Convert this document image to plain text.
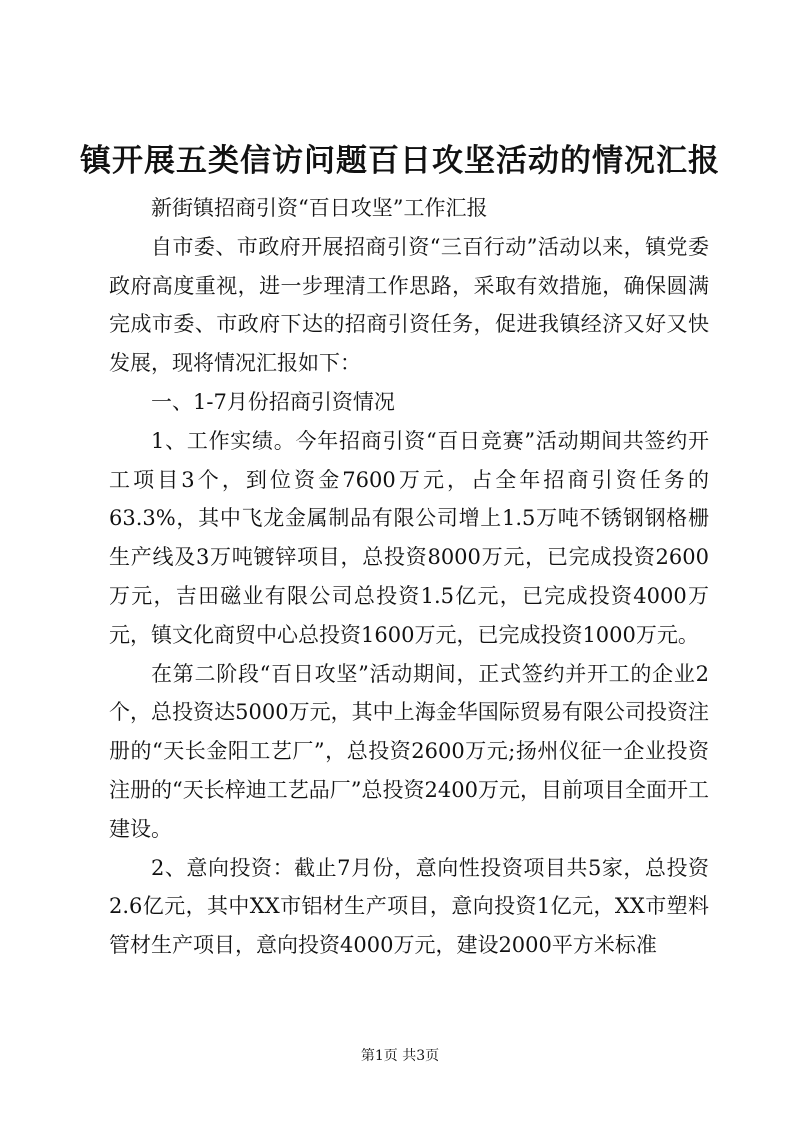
镇开展五类信访问题百日攻坚活动的情况汇报

新街镇招商引资“百日攻坚”工作汇报

自市委、市政府开展招商引资“三百行动”活动以来，镇党委政府高度重视，进一步理清工作思路，采取有效措施，确保圆满完成市委、市政府下达的招商引资任务，促进我镇经济又好又快发展，现将情况汇报如下：

一、1-7月份招商引资情况

1、工作实绩。今年招商引资“百日竞赛”活动期间共签约开工项目3个，到位资金7600万元，占全年招商引资任务的63.3%，其中飞龙金属制品有限公司增上1.5万吨不锈钢钢格栅生产线及3万吨镀锌项目，总投资8000万元，已完成投资2600万元，吉田磁业有限公司总投资1.5亿元，已完成投资4000万元，镇文化商贸中心总投资1600万元，已完成投资1000万元。

在第二阶段“百日攻坚”活动期间，正式签约并开工的企业2个，总投资达5000万元，其中上海金华国际贸易有限公司投资注册的“天长金阳工艺厂”，总投资2600万元;扬州仪征一企业投资注册的“天长梓迪工艺品厂”总投资2400万元，目前项目全面开工建设。

2、意向投资：截止7月份，意向性投资项目共5家，总投资2.6亿元，其中XX市铝材生产项目，意向投资1亿元，XX市塑料管材生产项目，意向投资4000万元，建设2000平方米标准

第1页 共3页
